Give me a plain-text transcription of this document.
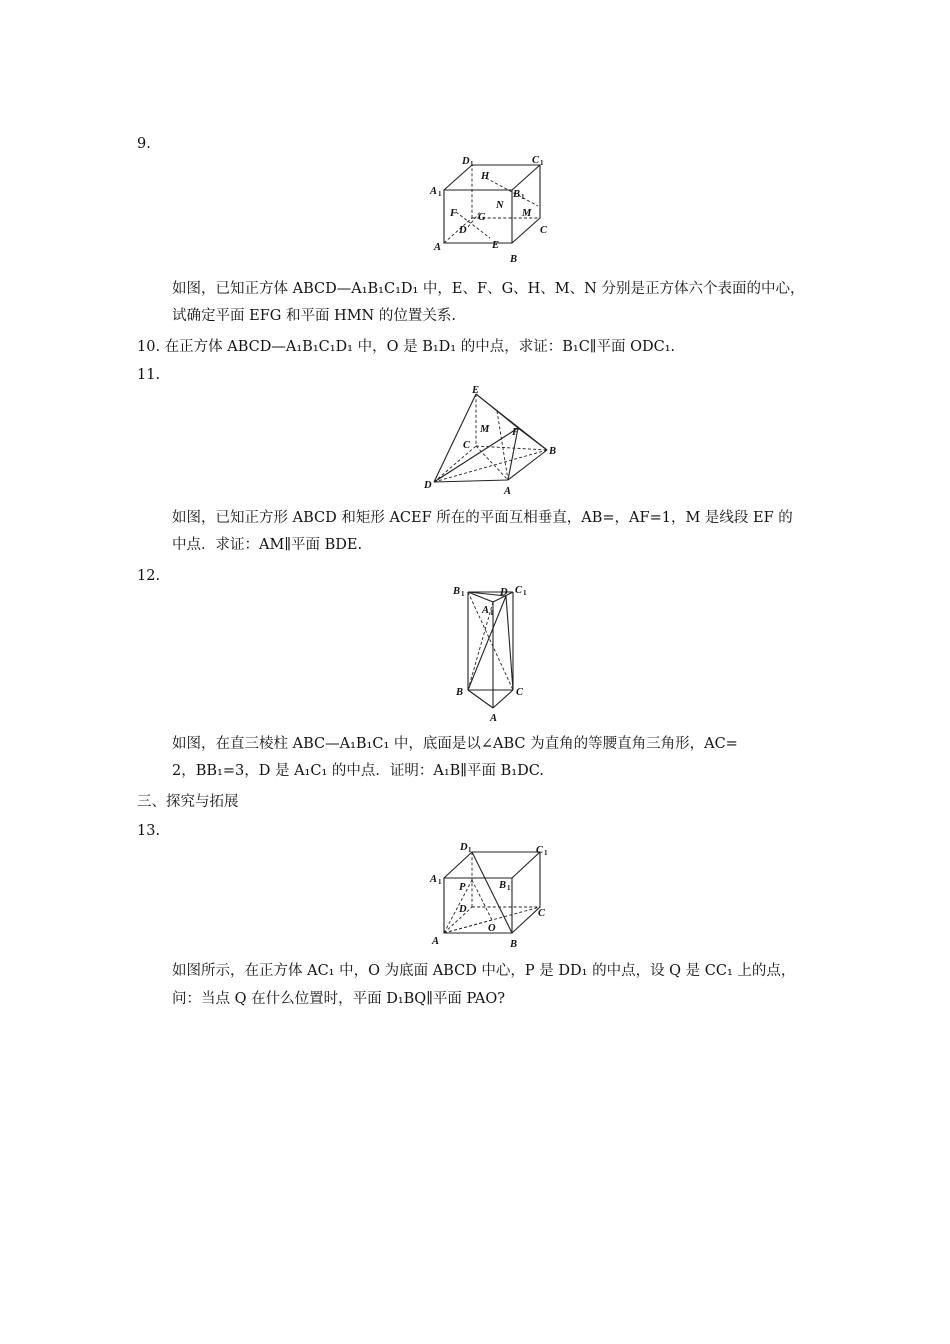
9.
D 1	C 1
A 1
H
B 1
N
M
F G
D
E
C
A
B
如图，已知正方体 ABCD—A₁B₁C₁D₁ 中，E、F、G、H、M、N 分别是正方体六个表面的中心，
试确定平面 EFG 和平面 HMN 的位置关系.
10. 在正方体 ABCD—A₁B₁C₁D₁ 中，O 是 B₁D₁ 的中点，求证：B₁C∥平面 ODC₁.
11.
E
M F
C
B
D
A
如图，已知正方形 ABCD 和矩形 ACEF 所在的平面互相垂直，AB=，AF=1，M 是线段 EF 的
中点．求证：AM∥平面 BDE.
12.
B 1	D C 1
A 1
B	C
A
如图，在直三棱柱 ABC—A₁B₁C₁ 中，底面是以∠ABC 为直角的等腰直角三角形，AC=
2，BB₁=3，D 是 A₁C₁ 的中点．证明：A₁B∥平面 B₁DC.
三、探究与拓展
13.
D 1	C 1
A 1 P	B 1
D	C
O
A	B
如图所示，在正方体 AC₁ 中，O 为底面 ABCD 中心，P 是 DD₁ 的中点，设 Q 是 CC₁ 上的点，
问：当点 Q 在什么位置时，平面 D₁BQ∥平面 PAO?
